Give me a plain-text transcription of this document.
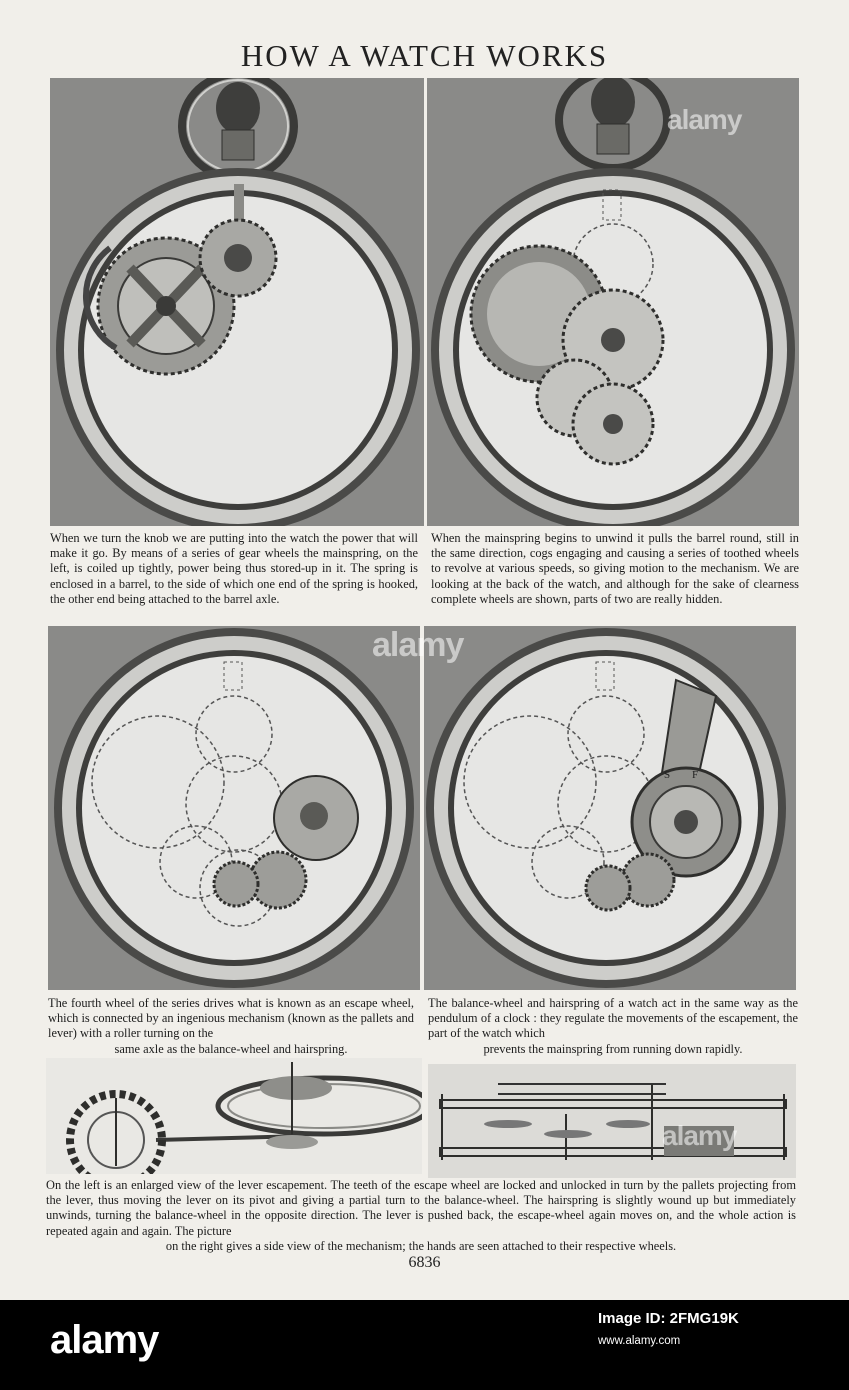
HOW A WATCH WORKS
alamy
When we turn the knob we are putting into the watch the power that will make it go. By means of a series of gear wheels the mainspring, on the left, is coiled up tightly, power being thus stored-up in it. The spring is enclosed in a barrel, to the side of which one end of the spring is hooked, the other end being attached to the barrel axle.
When the mainspring begins to unwind it pulls the barrel round, still in the same direction, cogs engaging and causing a series of toothed wheels to revolve at various speeds, so giving motion to the mechanism. We are looking at the back of the watch, and although for the sake of clearness complete wheels are shown, parts of two are really hidden.
S F
The fourth wheel of the series drives what is known as an escape wheel, which is connected by an ingenious mechanism (known as the pallets and lever) with a roller turning on the
same axle as the balance-wheel and hairspring.
The balance-wheel and hairspring of a watch act in the same way as the pendulum of a clock : they regulate the movements of the escapement, the part of the watch which
prevents the mainspring from running down rapidly.
alamy
On the left is an enlarged view of the lever escapement. The teeth of the escape wheel are locked and unlocked in turn by the pallets projecting from the lever, thus moving the lever on its pivot and giving a partial turn to the balance-wheel. The hairspring is slightly wound up but immediately unwinds, turning the balance-wheel in the opposite direction. The lever is pushed back, the escape-wheel again moves on, and the whole action is repeated again and again. The picture
on the right gives a side view of the mechanism; the hands are seen attached to their respective wheels.
6836
alamy
alamy	Image ID: 2FMG19K
www.alamy.com
